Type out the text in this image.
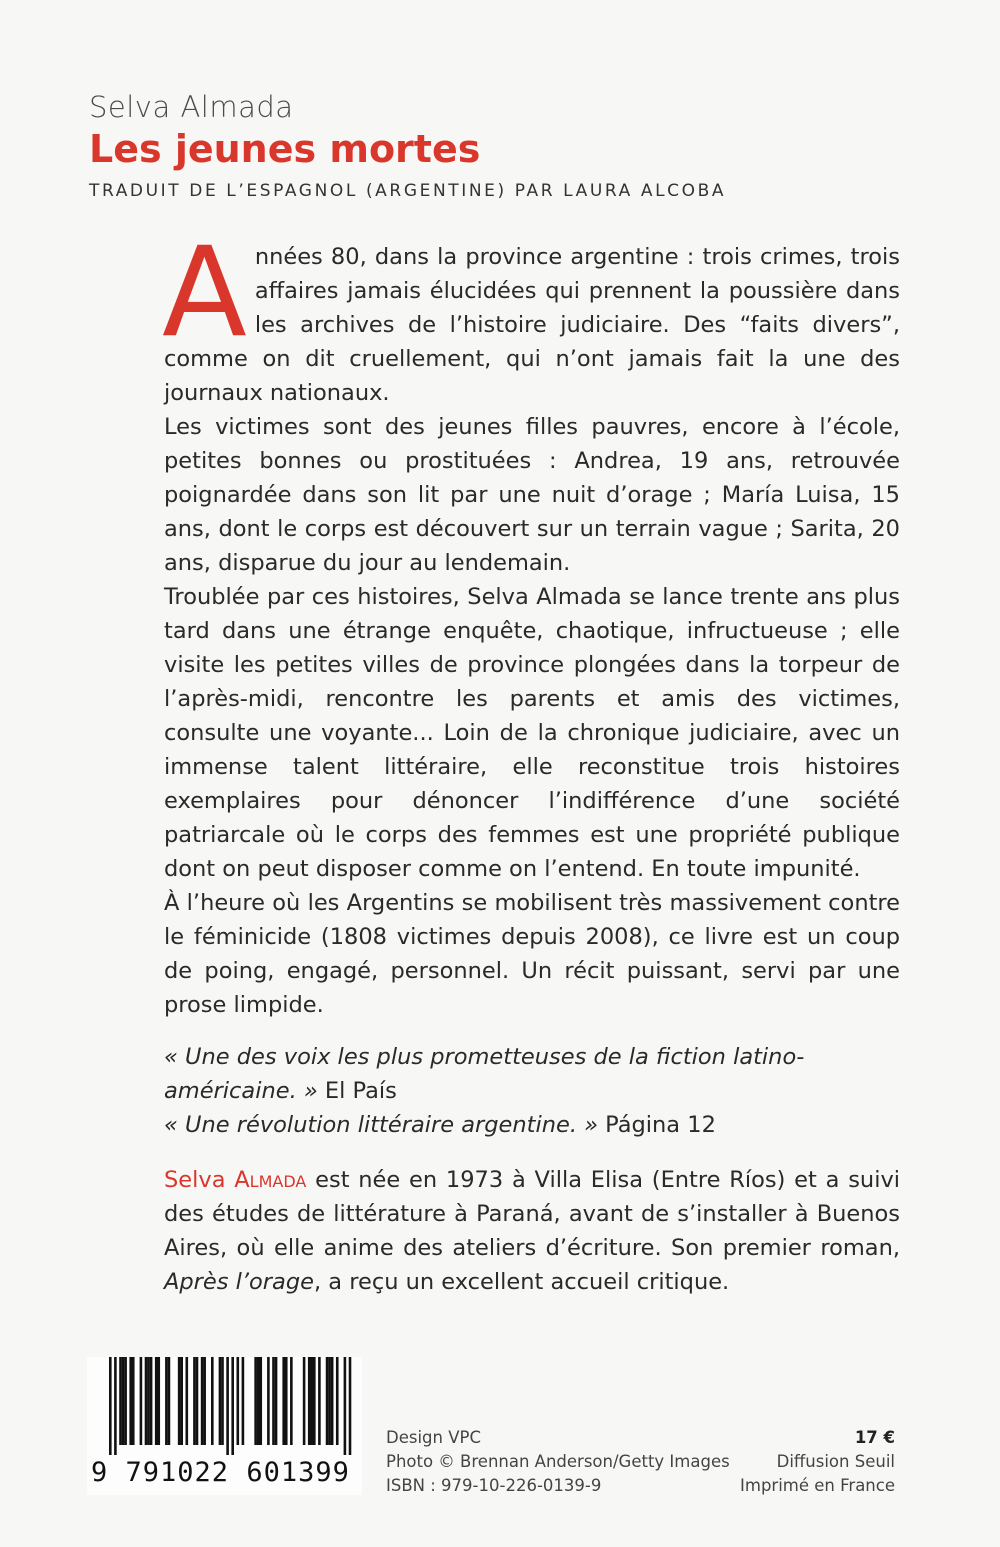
Selva Almada
Les jeunes mortes
TRADUIT DE L’ESPAGNOL (ARGENTINE) PAR LAURA ALCOBA

Années 80, dans la province argentine : trois crimes, trois affaires jamais élucidées qui prennent la poussière dans les archives de l’histoire judiciaire. Des “faits divers”, comme on dit cruellement, qui n’ont jamais fait la une des journaux nationaux.

Les victimes sont des jeunes filles pauvres, encore à l’école, petites bonnes ou prostituées : Andrea, 19 ans, retrouvée poignardée dans son lit par une nuit d’orage ; María Luisa, 15 ans, dont le corps est découvert sur un terrain vague ; Sarita, 20 ans, disparue du jour au lendemain.

Troublée par ces histoires, Selva Almada se lance trente ans plus tard dans une étrange enquête, chaotique, infructueuse ; elle visite les petites villes de province plongées dans la torpeur de l’après-midi, rencontre les parents et amis des victimes, consulte une voyante... Loin de la chronique judiciaire, avec un immense talent littéraire, elle reconstitue trois histoires exemplaires pour dénoncer l’indifférence d’une société patriarcale où le corps des femmes est une propriété publique dont on peut disposer comme on l’entend. En toute impunité.

À l’heure où les Argentins se mobilisent très massivement contre le féminicide (1808 victimes depuis 2008), ce livre est un coup de poing, engagé, personnel. Un récit puissant, servi par une prose limpide.

« Une des voix les plus prometteuses de la fiction latino-américaine. » El País

« Une révolution littéraire argentine. » Página 12

Selva Almada est née en 1973 à Villa Elisa (Entre Ríos) et a suivi des études de littérature à Paraná, avant de s’installer à Buenos Aires, où elle anime des ateliers d’écriture. Son premier roman, Après l’orage, a reçu un excellent accueil critique.

9 791022 601399
Design VPC
Photo © Brennan Anderson/Getty Images
ISBN : 979-10-226-0139-9
17 €
Diffusion Seuil
Imprimé en France
